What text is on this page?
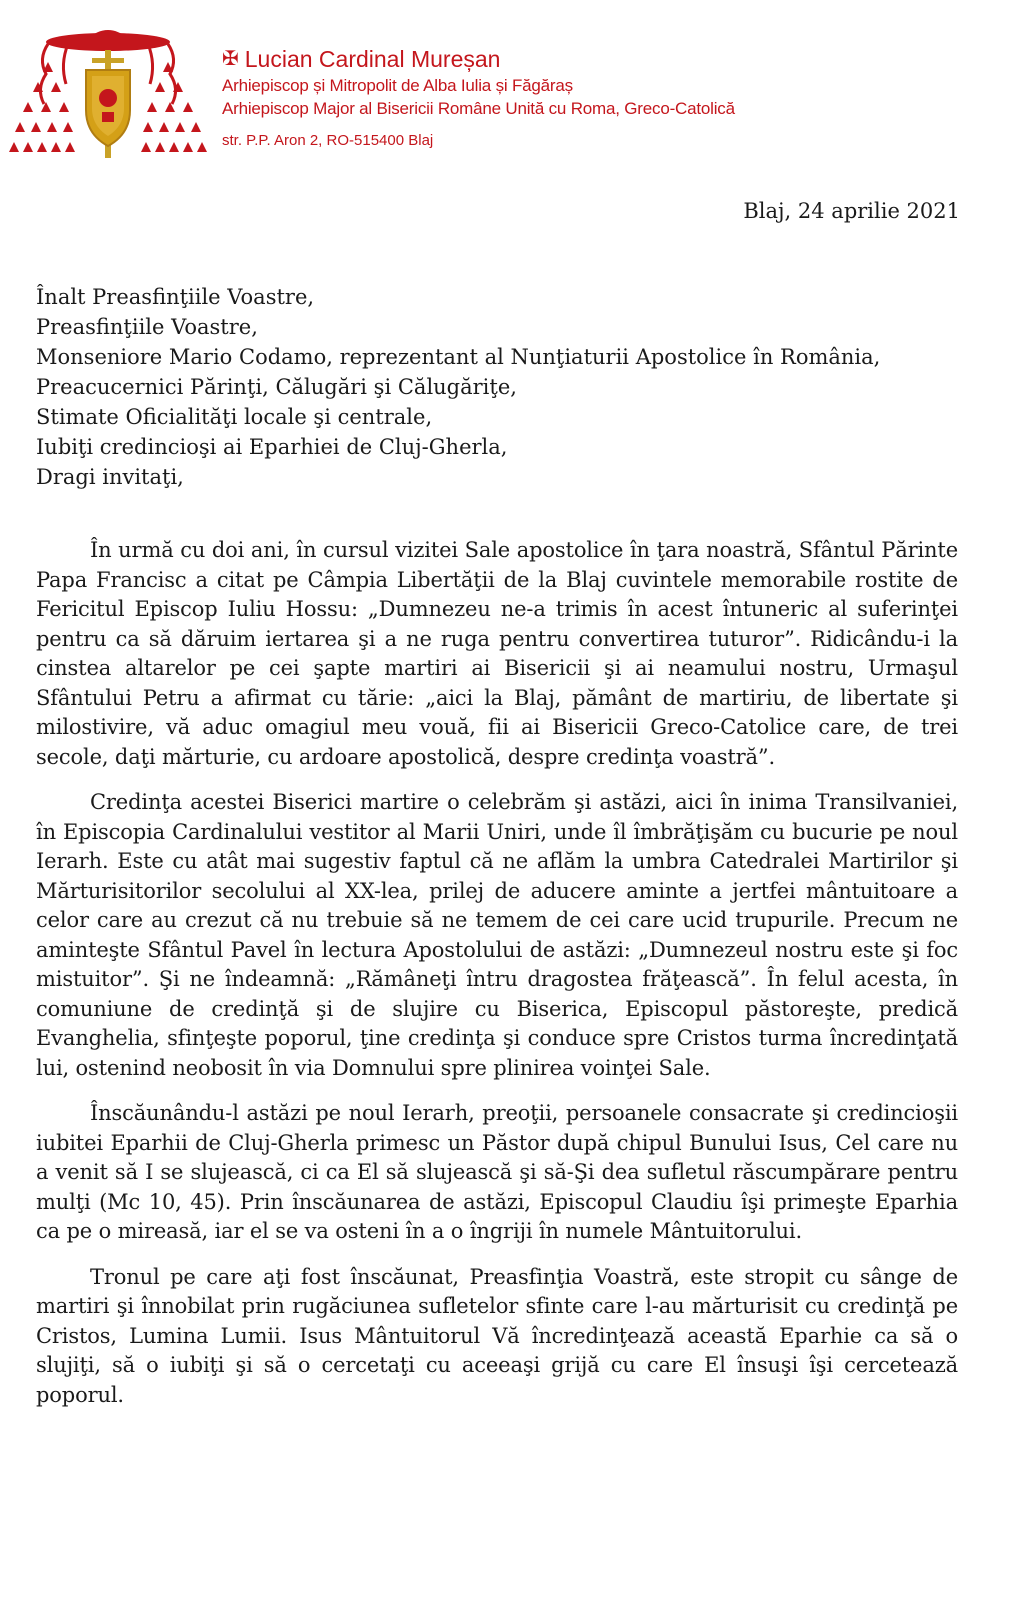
✠ Lucian Cardinal Mureșan
Arhiepiscop și Mitropolit de Alba Iulia și Făgăraș
Arhiepiscop Major al Bisericii Române Unită cu Roma, Greco-Catolică
str. P.P. Aron 2, RO-515400 Blaj
Blaj, 24 aprilie 2021
Înalt Preasfinţiile Voastre,
Preasfinţiile Voastre,
Monseniore Mario Codamo, reprezentant al Nunţiaturii Apostolice în România,
Preacucernici Părinţi, Călugări şi Călugăriţe,
Stimate Oficialităţi locale şi centrale,
Iubiţi credincioşi ai Eparhiei de Cluj-Gherla,
Dragi invitaţi,

În urmă cu doi ani, în cursul vizitei Sale apostolice în ţara noastră, Sfântul Părinte Papa Francisc a citat pe Câmpia Libertăţii de la Blaj cuvintele memorabile rostite de Fericitul Episcop Iuliu Hossu: „Dumnezeu ne-a trimis în acest întuneric al suferinţei pentru ca să dăruim iertarea şi a ne ruga pentru convertirea tuturor”. Ridicându-i la cinstea altarelor pe cei şapte martiri ai Bisericii şi ai neamului nostru, Urmaşul Sfântului Petru a afirmat cu tărie: „aici la Blaj, pământ de martiriu, de libertate şi milostivire, vă aduc omagiul meu vouă, fii ai Bisericii Greco-Catolice care, de trei secole, daţi mărturie, cu ardoare apostolică, despre credinţa voastră”.

Credinţa acestei Biserici martire o celebrăm şi astăzi, aici în inima Transilvaniei, în Episcopia Cardinalului vestitor al Marii Uniri, unde îl îmbrăţişăm cu bucurie pe noul Ierarh. Este cu atât mai sugestiv faptul că ne aflăm la umbra Catedralei Martirilor şi Mărturisitorilor secolului al XX-lea, prilej de aducere aminte a jertfei mântuitoare a celor care au crezut că nu trebuie să ne temem de cei care ucid trupurile. Precum ne aminteşte Sfântul Pavel în lectura Apostolului de astăzi: „Dumnezeul nostru este şi foc mistuitor”. Şi ne îndeamnă: „Rămâneţi întru dragostea frăţească”. În felul acesta, în comuniune de credinţă şi de slujire cu Biserica, Episcopul păstoreşte, predică Evanghelia, sfinţeşte poporul, ţine credinţa şi conduce spre Cristos turma încredinţată lui, ostenind neobosit în via Domnului spre plinirea voinţei Sale.

Înscăunându-l astăzi pe noul Ierarh, preoţii, persoanele consacrate şi credincioşii iubitei Eparhii de Cluj-Gherla primesc un Păstor după chipul Bunului Isus, Cel care nu a venit să I se slujească, ci ca El să slujească şi să-Şi dea sufletul răscumpărare pentru mulţi (Mc 10, 45). Prin înscăunarea de astăzi, Episcopul Claudiu îşi primeşte Eparhia ca pe o mireasă, iar el se va osteni în a o îngriji în numele Mântuitorului.

Tronul pe care aţi fost înscăunat, Preasfinţia Voastră, este stropit cu sânge de martiri şi înnobilat prin rugăciunea sufletelor sfinte care l-au mărturisit cu credinţă pe Cristos, Lumina Lumii. Isus Mântuitorul Vă încredinţează această Eparhie ca să o slujiţi, să o iubiţi şi să o cercetaţi cu aceeaşi grijă cu care El însuşi îşi cercetează poporul.
